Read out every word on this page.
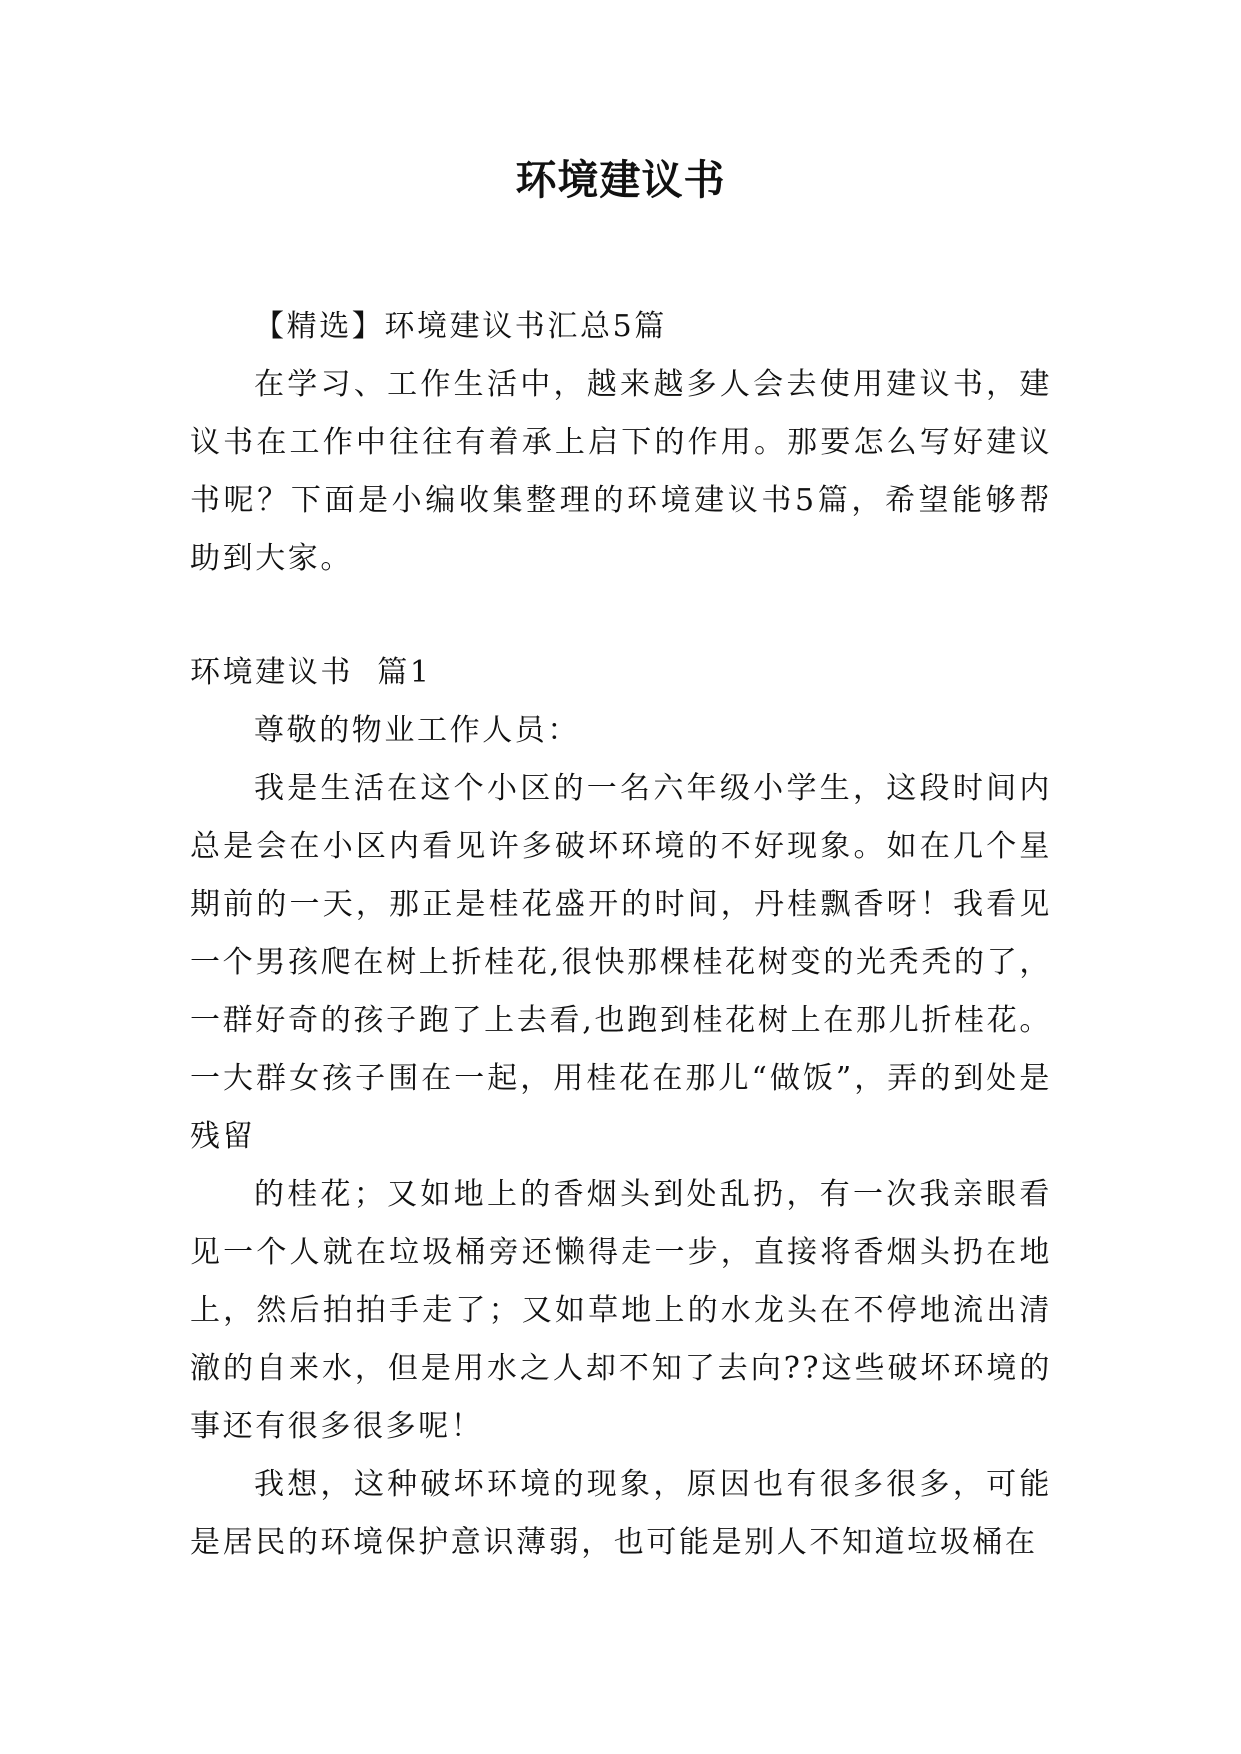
环境建议书

【精选】环境建议书汇总5篇

在学习、工作生活中，越来越多人会去使用建议书，建议书在工作中往往有着承上启下的作用。那要怎么写好建议书呢？下面是小编收集整理的环境建议书5篇，希望能够帮助到大家。

环境建议书  篇1

尊敬的物业工作人员：

我是生活在这个小区的一名六年级小学生，这段时间内总是会在小区内看见许多破坏环境的不好现象。如在几个星期前的一天，那正是桂花盛开的时间，丹桂飘香呀！我看见一个男孩爬在树上折桂花,很快那棵桂花树变的光秃秃的了，一群好奇的孩子跑了上去看,也跑到桂花树上在那儿折桂花。一大群女孩子围在一起，用桂花在那儿“做饭”，弄的到处是残留

的桂花；又如地上的香烟头到处乱扔，有一次我亲眼看见一个人就在垃圾桶旁还懒得走一步，直接将香烟头扔在地上，然后拍拍手走了；又如草地上的水龙头在不停地流出清澈的自来水，但是用水之人却不知了去向??这些破坏环境的事还有很多很多呢！

我想，这种破坏环境的现象，原因也有很多很多，可能是居民的环境保护意识薄弱，也可能是别人不知道垃圾桶在
